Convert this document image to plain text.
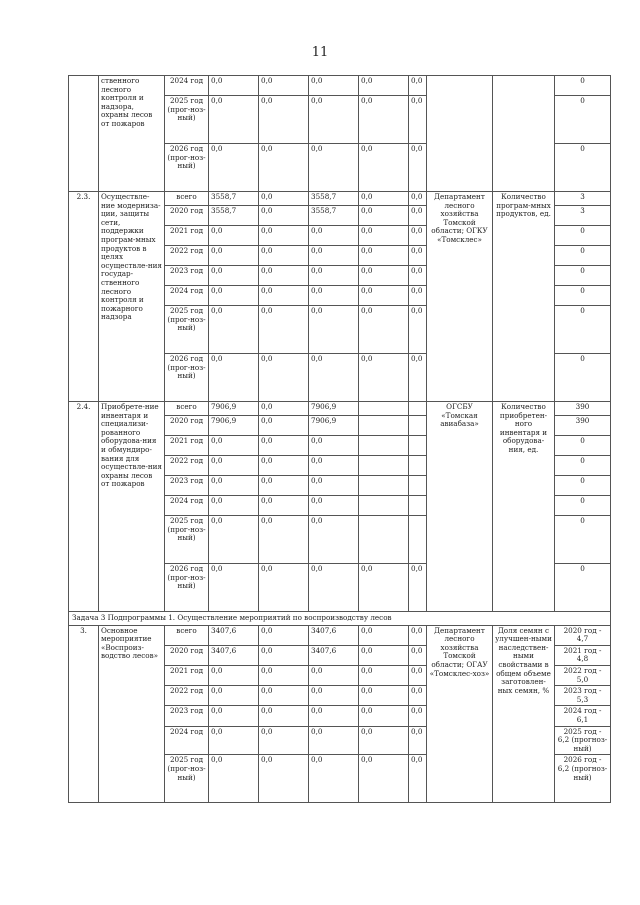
11
	ственного лесного контроля и надзора, охраны лесов от пожаров	2024 год	0,0	0,0	0,0	0,0	0,0			0
		2025 год (прог-ноз-ный)	0,0	0,0	0,0	0,0	0,0			0
		2026 год (прог-ноз-ный)	0,0	0,0	0,0	0,0	0,0			0
2.3.	Осуществле-ние модерниза-ции, защиты сети, поддержки програм-мных продуктов в целях осуществле-ния государ-ственного лесного контроля и пожарного надзора	всего	3558,7	0,0	3558,7	0,0	0,0	Департамент лесного хозяйства Томской области; ОГКУ «Томсклес»	Количество програм-мных продуктов, ед.	3
		2020 год	3558,7	0,0	3558,7	0,0	0,0			3
		2021 год	0,0	0,0	0,0	0,0	0,0			0
		2022 год	0,0	0,0	0,0	0,0	0,0			0
		2023 год	0,0	0,0	0,0	0,0	0,0			0
		2024 год	0,0	0,0	0,0	0,0	0,0			0
		2025 год (прог-ноз-ный)	0,0	0,0	0,0	0,0	0,0			0
		2026 год (прог-ноз-ный)	0,0	0,0	0,0	0,0	0,0			0
2.4.	Приобрете-ние инвентаря и специализи-рованного оборудова-ния и обмундиро-вания для осуществле-ния охраны лесов от пожаров	всего	7906,9	0,0	7906,9			ОГСБУ «Томская авиабаза»	Количество приобретен-ного инвентаря и оборудова-ния, ед.	390
		2020 год	7906,9	0,0	7906,9					390
		2021 год	0,0	0,0	0,0					0
		2022 год	0,0	0,0	0,0					0
		2023 год	0,0	0,0	0,0					0
		2024 год	0,0	0,0	0,0					0
		2025 год (прог-ноз-ный)	0,0	0,0	0,0					0
		2026 год (прог-ноз-ный)	0,0	0,0	0,0	0,0	0,0			0
Задача 3 Подпрограммы 1. Осуществление мероприятий по воспроизводству лесов										
3.	Основное мероприятие «Воспроиз-водство лесов»	всего	3407,6	0,0	3407,6	0,0	0,0	Департамент лесного хозяйства Томской области; ОГАУ «Томсклес-хоз»	Доля семян с улучшен-ными наследствен-ными свойствами в общем объеме заготовлен-ных семян, %	2020 год - 4,7
		2020 год	3407,6	0,0	3407,6	0,0	0,0			2021 год - 4,8
		2021 год	0,0	0,0	0,0	0,0	0,0			2022 год - 5,0
		2022 год	0,0	0,0	0,0	0,0	0,0			2023 год - 5,3
		2023 год	0,0	0,0	0,0	0,0	0,0			2024 год - 6,1
		2024 год	0,0	0,0	0,0	0,0	0,0			2025 год - 6,2 (прогноз-ный)
		2025 год (прог-ноз-ный)	0,0	0,0	0,0	0,0	0,0			2026 год - 6,2 (прогноз-ный)
